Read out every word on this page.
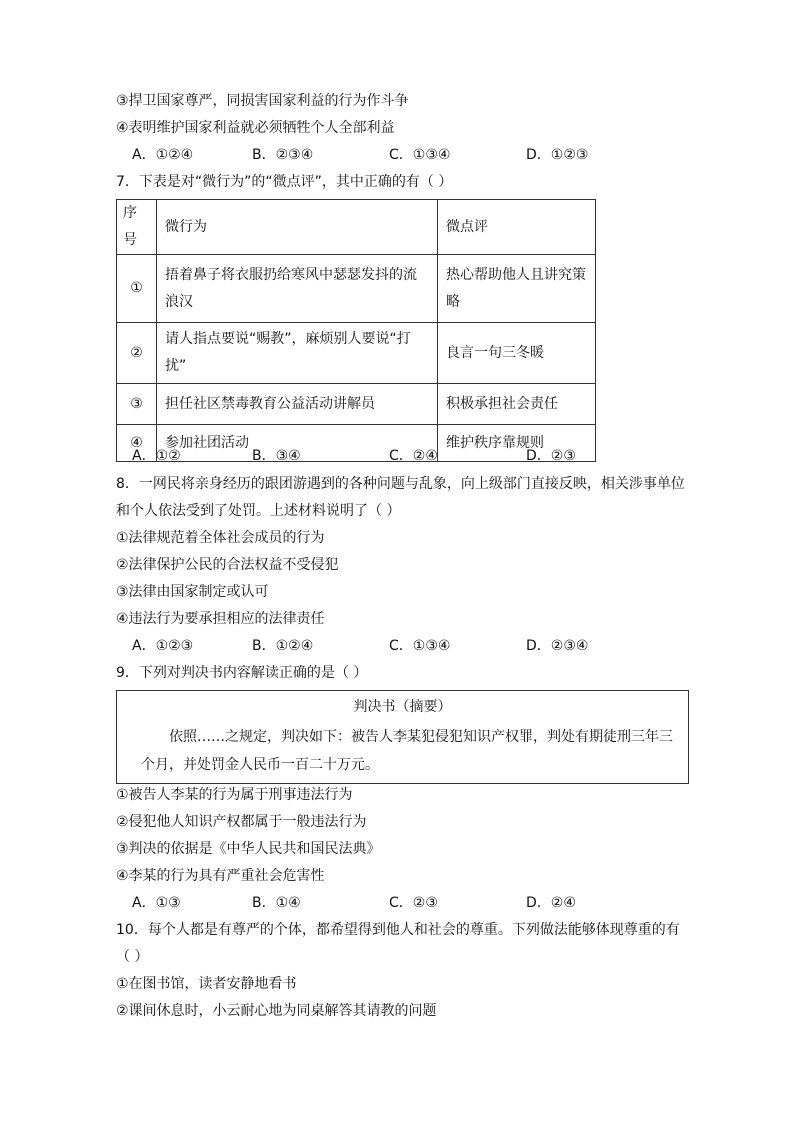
③捍卫国家尊严，同损害国家利益的行为作斗争
④表明维护国家利益就必须牺牲个人全部利益
A．①②④	B．②③④	C．①③④	D．①②③
7．下表是对“微行为”的“微点评”，其中正确的有（ ）
序号	微行为	微点评
①	捂着鼻子将衣服扔给寒风中瑟瑟发抖的流浪汉	热心帮助他人且讲究策略
②	请人指点要说“赐教”，麻烦别人要说“打扰”	良言一句三冬暖
③	担任社区禁毒教育公益活动讲解员	积极承担社会责任
④	参加社团活动	维护秩序靠规则
A．①②	B．③④	C．②④	D．②③
8．一网民将亲身经历的跟团游遇到的各种问题与乱象，向上级部门直接反映，相关涉事单位
和个人依法受到了处罚。上述材料说明了（ ）
①法律规范着全体社会成员的行为
②法律保护公民的合法权益不受侵犯
③法律由国家制定或认可
④违法行为要承担相应的法律责任
A．①②③	B．①②④	C．①③④	D．②③④
9．下列对判决书内容解读正确的是（ ）
判决书（摘要）
依照……之规定，判决如下：被告人李某犯侵犯知识产权罪，判处有期徒刑三年三个月，并处罚金人民币一百二十万元。
①被告人李某的行为属于刑事违法行为
②侵犯他人知识产权都属于一般违法行为
③判决的依据是《中华人民共和国民法典》
④李某的行为具有严重社会危害性
A．①③	B．①④	C．②③	D．②④
10．每个人都是有尊严的个体，都希望得到他人和社会的尊重。下列做法能够体现尊重的有
（ ）
①在图书馆，读者安静地看书
②课间休息时，小云耐心地为同桌解答其请教的问题
